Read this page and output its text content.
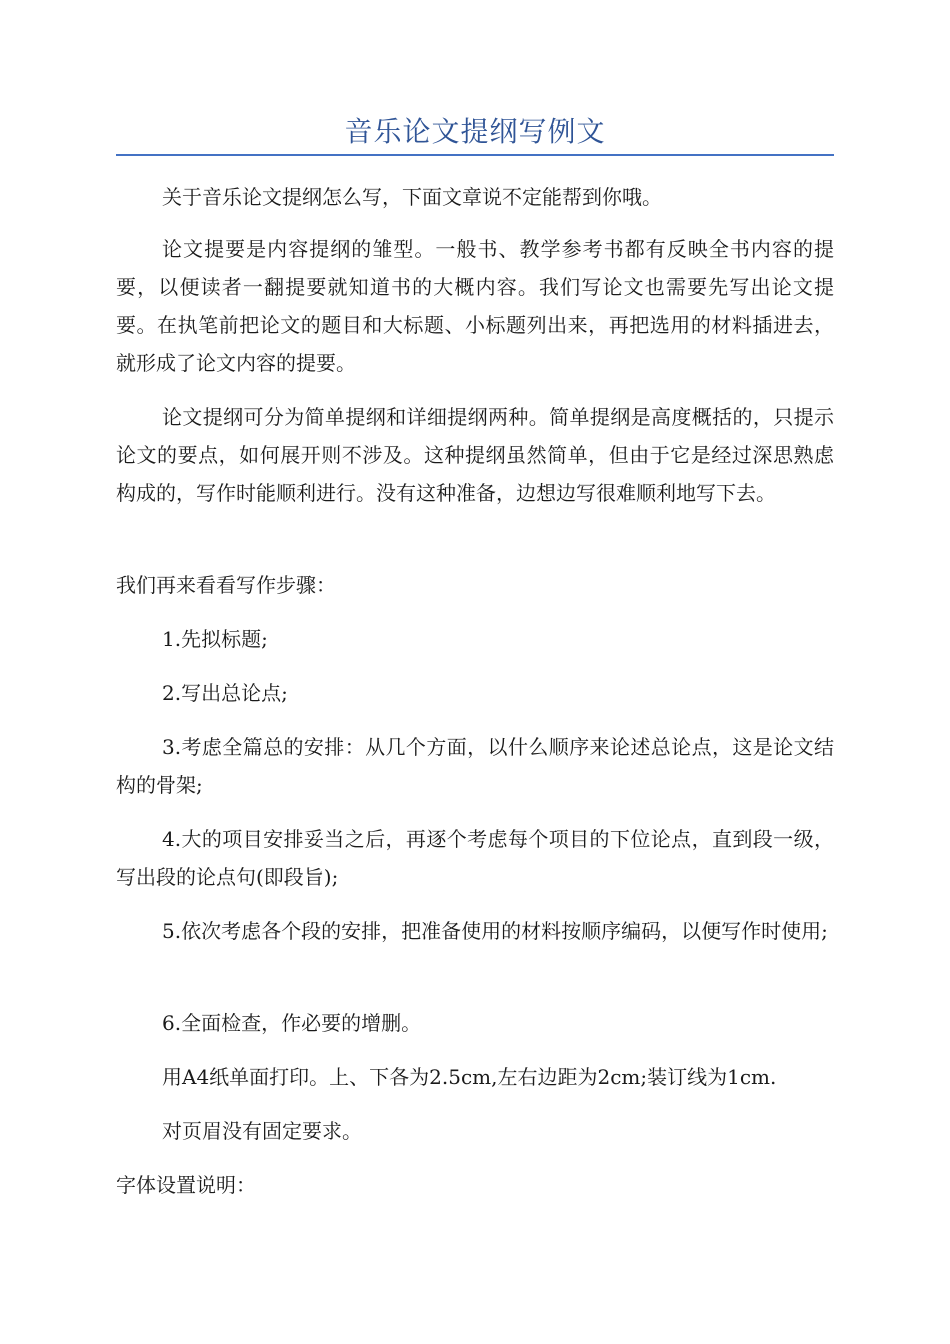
音乐论文提纲写例文

关于音乐论文提纲怎么写，下面文章说不定能帮到你哦。

论文提要是内容提纲的雏型。一般书、教学参考书都有反映全书内容的提要，以便读者一翻提要就知道书的大概内容。我们写论文也需要先写出论文提要。在执笔前把论文的题目和大标题、小标题列出来，再把选用的材料插进去，就形成了论文内容的提要。

论文提纲可分为简单提纲和详细提纲两种。简单提纲是高度概括的，只提示论文的要点，如何展开则不涉及。这种提纲虽然简单，但由于它是经过深思熟虑构成的，写作时能顺利进行。没有这种准备，边想边写很难顺利地写下去。

我们再来看看写作步骤：

1.先拟标题;

2.写出总论点;

3.考虑全篇总的安排：从几个方面，以什么顺序来论述总论点，这是论文结构的骨架;

4.大的项目安排妥当之后，再逐个考虑每个项目的下位论点，直到段一级，写出段的论点句(即段旨);

5.依次考虑各个段的安排，把准备使用的材料按顺序编码，以便写作时使用;

6.全面检查，作必要的增删。

用A4纸单面打印。上、下各为2.5cm,左右边距为2cm;装订线为1cm.

对页眉没有固定要求。

字体设置说明：
